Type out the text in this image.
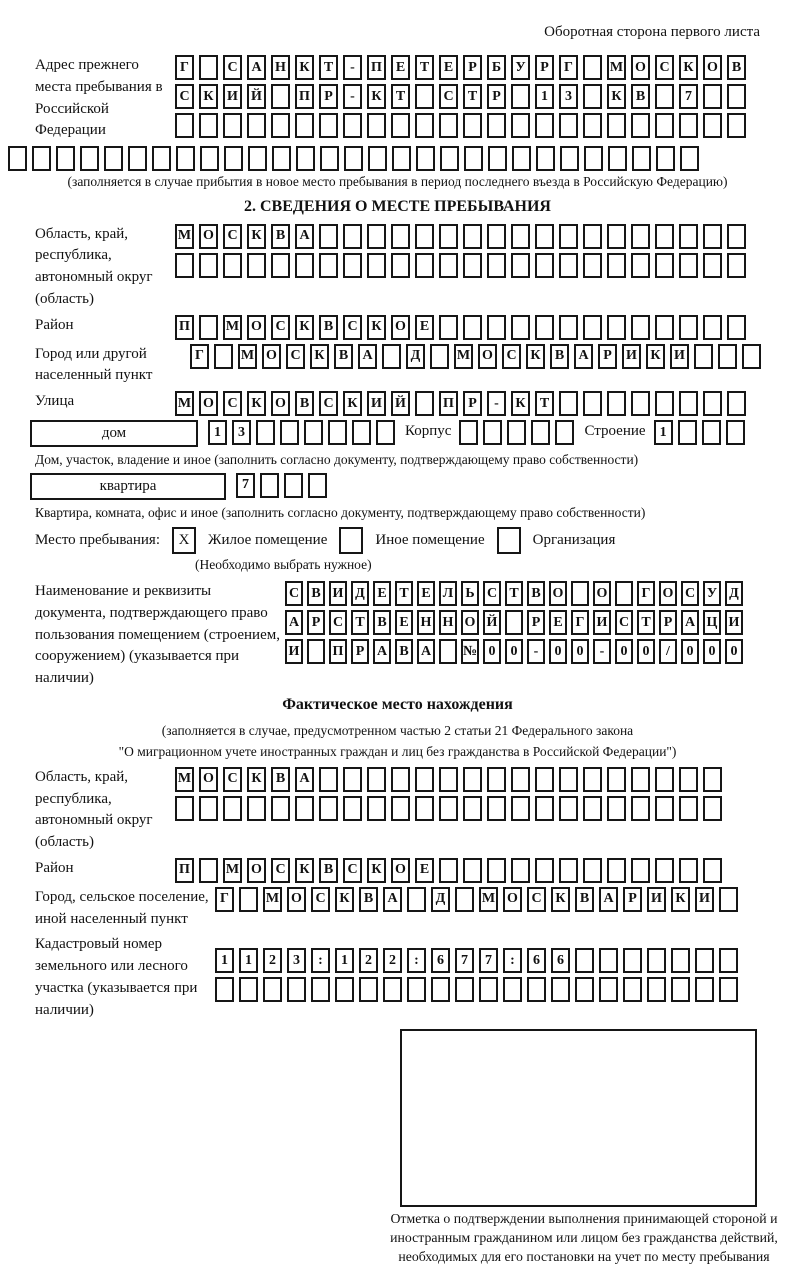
Оборотная сторона первого листа
Адрес прежнего места пребывания в Российской Федерации
Г	С А Н К	Т	-	П Е	Т	Е	Р	Б	У	Р	Г	М О С К О В
С К И Й	П	Р	-	К	Т	С	Т	Р	1	3	К	В	7
(заполняется в случае прибытия в новое место пребывания в период последнего въезда в Российскую Федерацию)
2. СВЕДЕНИЯ О МЕСТЕ ПРЕБЫВАНИЯ
Область, край, республика, автономный округ (область)
М О С К	В	А
Район	П	М О С К	В	С К О Е
Город или другой населенный пункт
Г	М О С К	В	А	Д	М О С К	В	А	Р	И К И
Улица	М О С К О В	С К И Й	П	Р	-	К	Т
дом	1	3	Корпус	Строение	1
Дом, участок, владение и иное (заполнить согласно документу, подтверждающему право собственности)
квартира	7
Квартира, комната, офис и иное (заполнить согласно документу, подтверждающему право собственности)
Место пребывания:	X	Жилое помещение	Иное помещение	Организация
(Необходимо выбрать нужное)
Наименование и реквизиты документа, подтверждающего право пользования помещением (строением, сооружением) (указывается при наличии)
С В И Д Е Т Е Л Ь С Т В О О	Г О С У Д
А Р С Т В Е Н Н О Й	Р Е Г И С Т Р А Ц И
И П Р А В А № 0	0	-	0	0	-	0	0	/	0	0	0
Фактическое место нахождения
(заполняется в случае, предусмотренном частью 2 статьи 21 Федерального закона
"О миграционном учете иностранных граждан и лиц без гражданства в Российской Федерации")
Область, край, республика, автономный округ (область)
М О С К	В	А
Район	П	М О С К	В	С К О Е
Город, сельское поселение, иной населенный пункт
Г	М О С К	В	А	Д	М О С К	В	А	Р	И К И
Кадастровый номер земельного или лесного участка (указывается при наличии)
1	1	2	3	:	1	2	2	:	6	7	7	:	6	6
Отметка о подтверждении выполнения принимающей стороной и иностранным гражданином или лицом без гражданства действий, необходимых для его постановки на учет по месту пребывания
